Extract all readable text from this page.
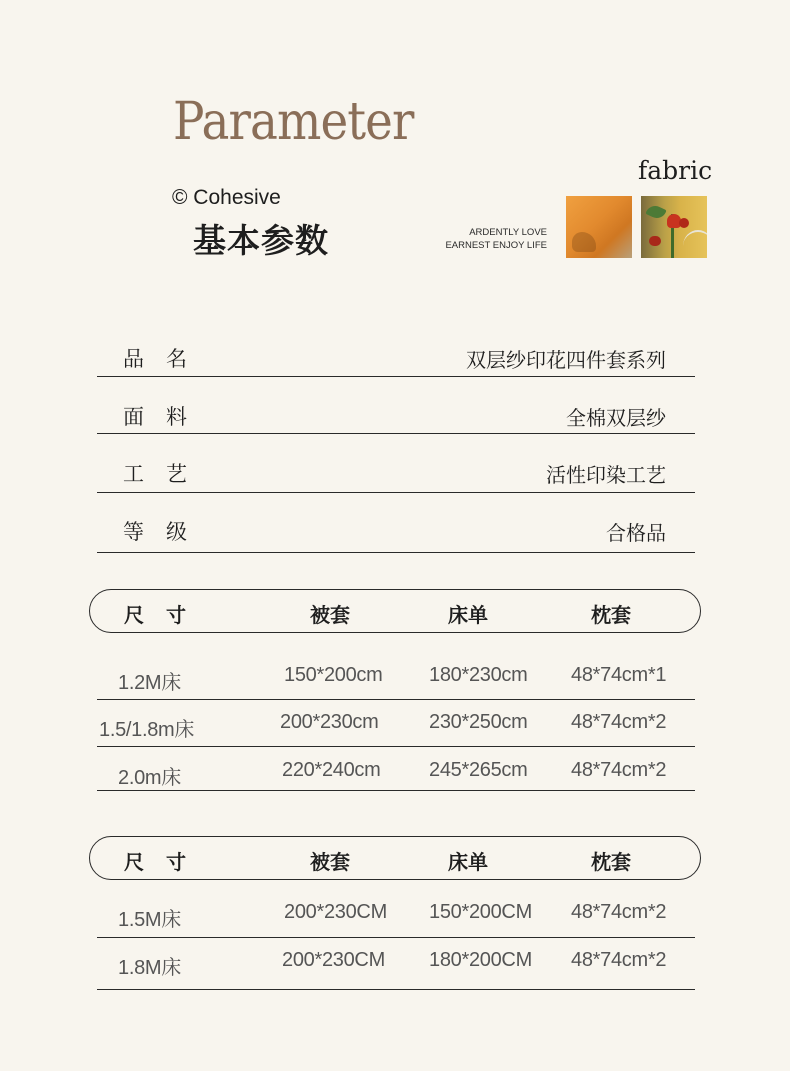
Parameter
© Cohesive
基本参数
fabric
ARDENTLY LOVE
EARNEST ENJOY LIFE
品名	双层纱印花四件套系列
面料	全棉双层纱
工艺	活性印染工艺
等级	合格品
尺寸	被套	床单	枕套
1.2M床	150*200cm 180*230cm 48*74cm*1
1.5/1.8m床	200*230cm	230*250cm 48*74cm*2
2.0m床	220*240cm 245*265cm 48*74cm*2
尺寸	被套	床单	枕套
1.5M床	200*230CM 150*200CM 48*74cm*2
1.8M床	200*230CM 180*200CM 48*74cm*2
